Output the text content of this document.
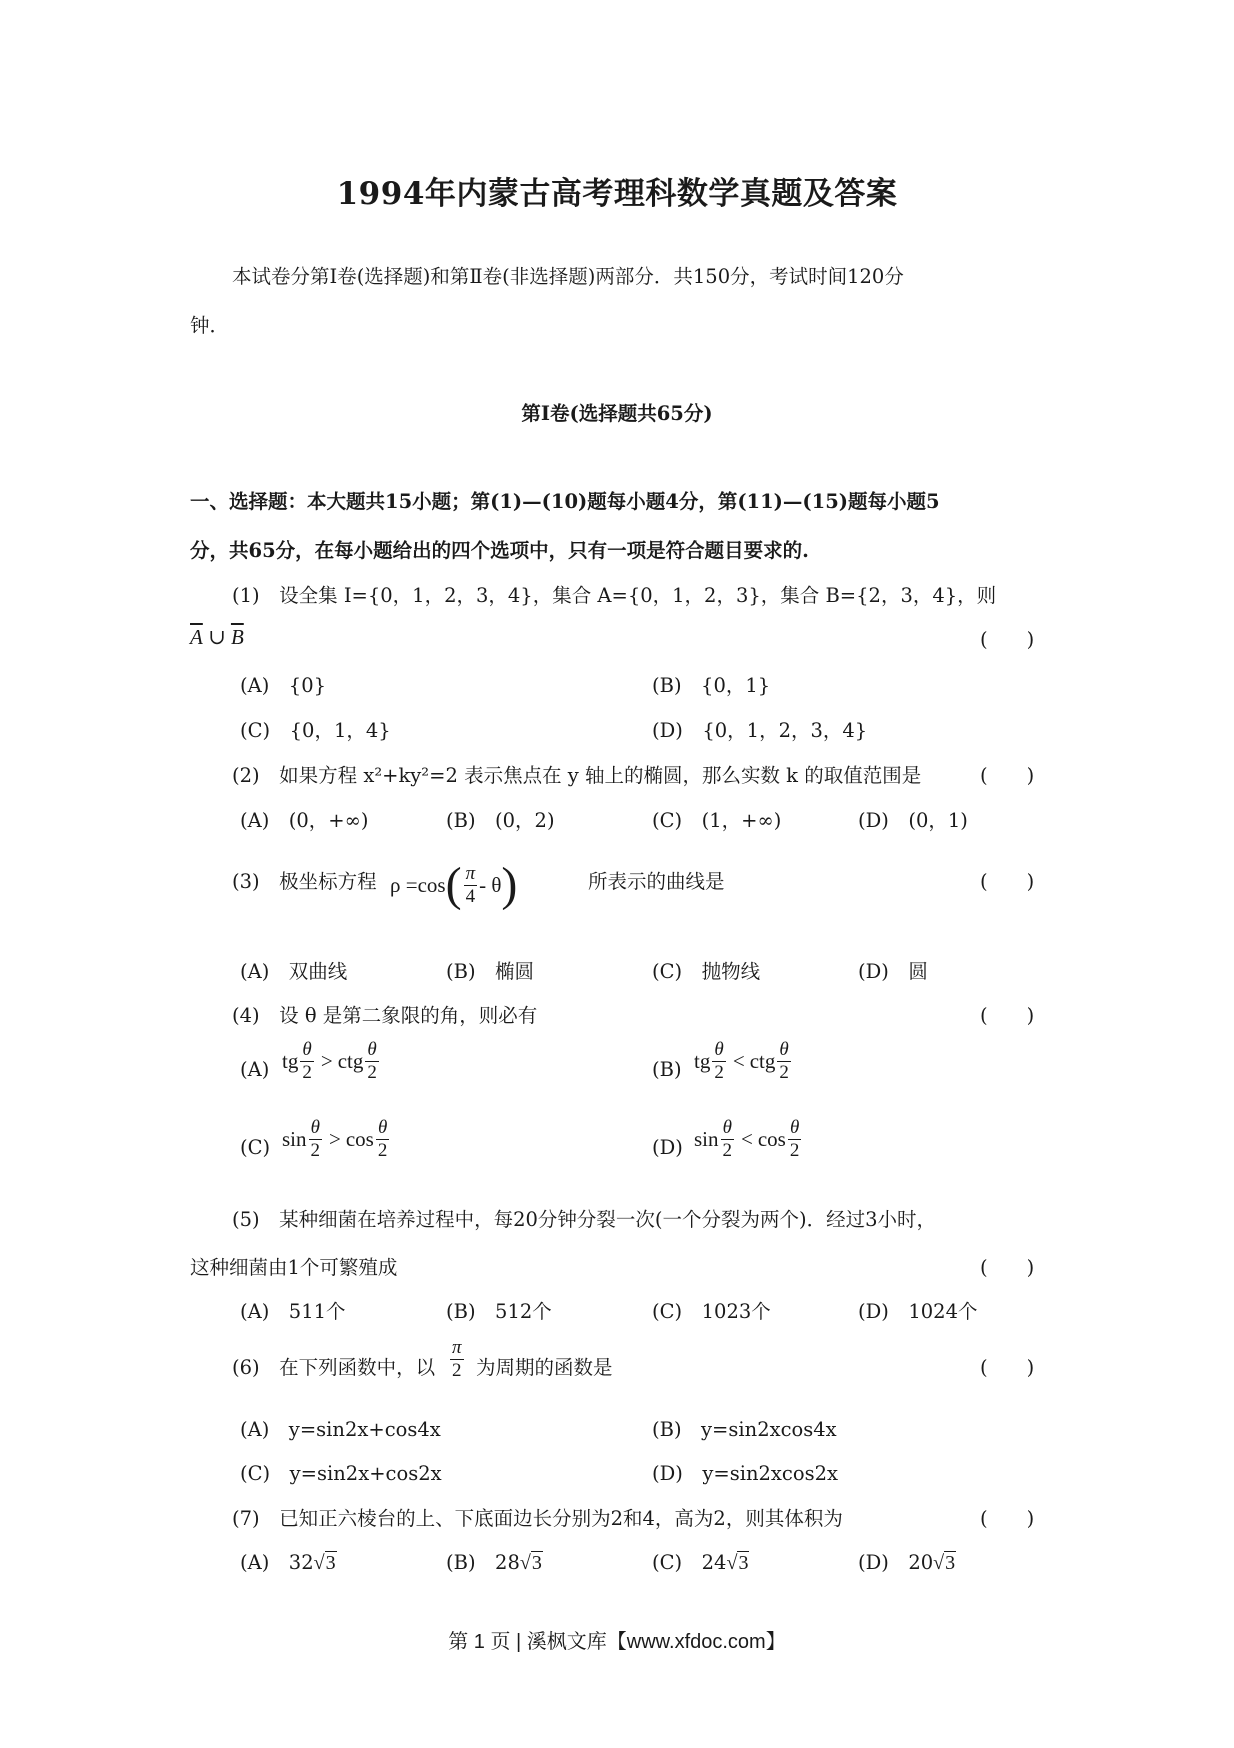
1994年内蒙古高考理科数学真题及答案
本试卷分第Ⅰ卷(选择题)和第Ⅱ卷(非选择题)两部分．共150分，考试时间120分
钟．
第Ⅰ卷(选择题共65分)
一、选择题：本大题共15小题；第(1)—(10)题每小题4分，第(11)—(15)题每小题5
分，共65分，在每小题给出的四个选项中，只有一项是符合题目要求的.
(1)　设全集 I={0，1，2，3，4}，集合 A={0，1，2，3}，集合 B={2，3，4}，则
$\overline{A}$ ∪ $\overline{B}$	(　　)
(A)　{0}	(B)　{0，1}
(C)　{0，1，4}	(D)　{0，1，2，3，4}
(2)　如果方程 x²+ky²=2 表示焦点在 y 轴上的椭圆，那么实数 k 的取值范围是	(　　)
(A)　(0，+∞)	(B)　(0，2)	(C)　(1，+∞)	(D)　(0，1)
(3)　极坐标方程 ρ =cos ( $\frac{\pi}{4}$ - θ )	所表示的曲线是	(　　)
(A)　双曲线	(B)　椭圆	(C)　抛物线	(D)　圆
(4)　设 θ 是第二象限的角，则必有	(　　)
(A) tg $\frac{\theta}{2}$ > ctg $\frac{\theta}{2}$	(B) tg $\frac{\theta}{2}$ < ctg $\frac{\theta}{2}$
(C) $\sin \frac{\theta}{2} > \cos \frac{\theta}{2}$	(D) $\sin \frac{\theta}{2} < \cos \frac{\theta}{2}$
(5)　某种细菌在培养过程中，每20分钟分裂一次(一个分裂为两个)．经过3小时，
这种细菌由1个可繁殖成	(　　)
(A)　511个	(B)　512个	(C)　1023个	(D)　1024个
(6)　在下列函数中，以 $\frac{\pi}{2}$ 为周期的函数是	(　　)
(A)　y=sin2x+cos4x	(B)　y=sin2xcos4x
(C)　y=sin2x+cos2x	(D)　y=sin2xcos2x
(7)　已知正六棱台的上、下底面边长分别为2和4，高为2，则其体积为	(　　)
(A)　32√3	(B)　28√3	(C)　24√3	(D)　20√3
第 1 页 | 溪枫文库【www.xfdoc.com】
